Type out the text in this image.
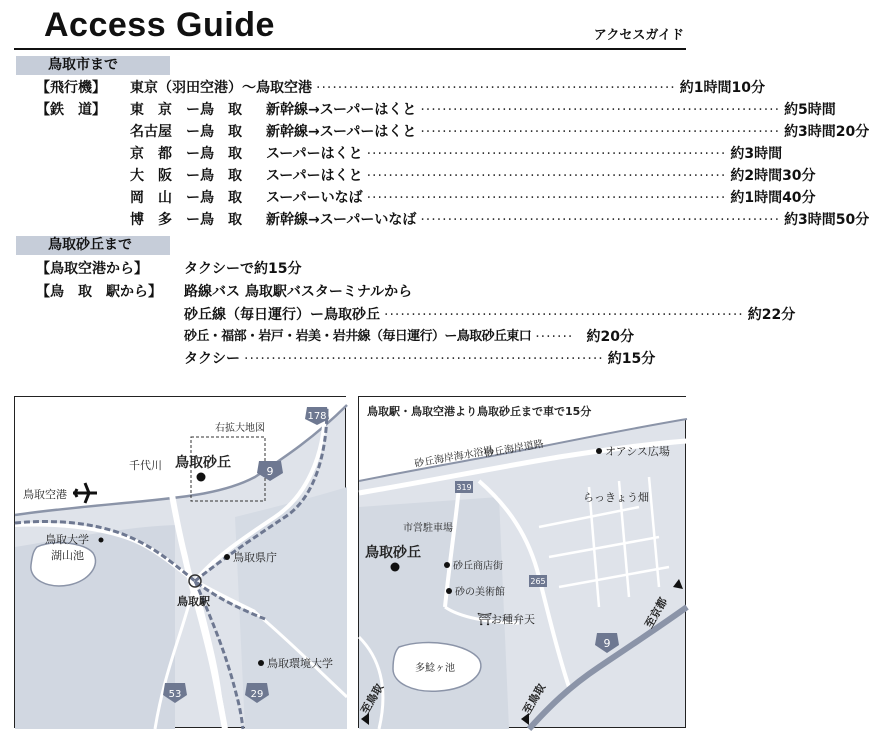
Access Guide	アクセスガイド
鳥取市まで
【飛行機】 東京（羽田空港）〜鳥取空港 ·································································· 約1時間10分
【鉄　道】 東　京	ー 鳥　取	新幹線→スーパーはくと ·································································· 約5時間
名古屋	ー 鳥　取	新幹線→スーパーはくと ·································································· 約3時間20分
京　都	ー 鳥　取	スーパーはくと ·································································· 約3時間
大　阪	ー 鳥　取	スーパーはくと ·································································· 約2時間30分
岡　山	ー 鳥　取	スーパーいなば ·································································· 約1時間40分
博　多	ー 鳥　取	新幹線→スーパーいなば ·································································· 約3時間50分
鳥取砂丘まで
【鳥取空港から】	タクシーで約15分
【鳥　取　駅から】 路線バス 鳥取駅バスターミナルから
砂丘線（毎日運行）ー鳥取砂丘 ·································································· 約22分
砂丘・福部・岩戸・岩美・岩井線（毎日運行）ー鳥取砂丘東口 ······· 約20分
タクシー ·································································· 約15分
178
9
53	29
右拡大地図
鳥取砂丘
千代川
鳥取空港
鳥取大学
湖山池	鳥取県庁
鳥取駅
鳥取環境大学
鳥取駅・鳥取空港より鳥取砂丘まで車で15分
砂丘海岸海水浴場
砂丘海岸道路	オアシス広場
らっきょう畑
市営駐車場
鳥取砂丘
砂丘商店街
砂の美術館
⛩
お種弁天
多鯰ヶ池
319
265
9
至鳥取	至鳥取
至京都
